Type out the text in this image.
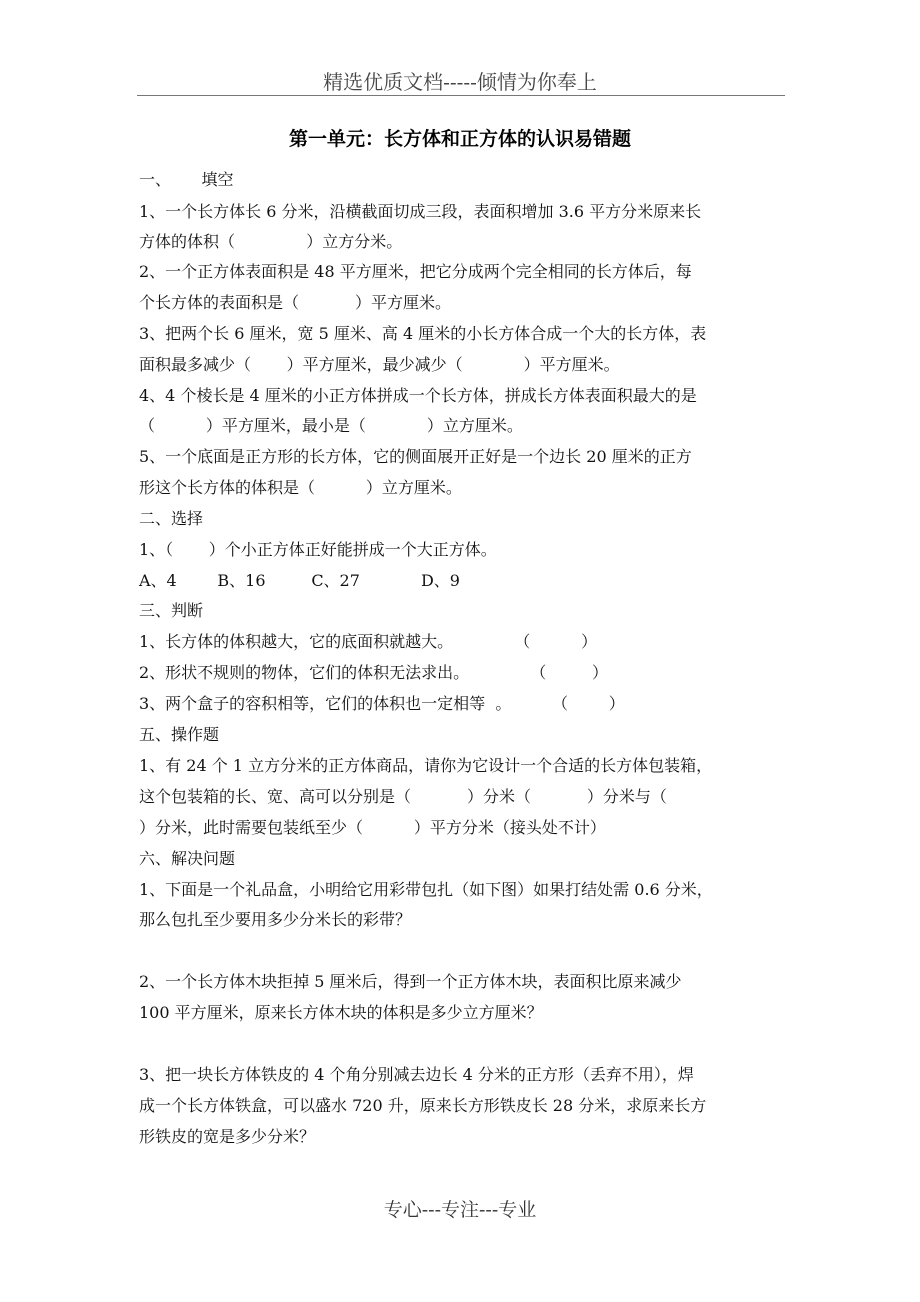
精选优质文档-----倾情为你奉上
第一单元：长方体和正方体的认识易错题
一、      填空
1、一个长方体长 6 分米，沿横截面切成三段，表面积增加 3.6 平方分米原来长
方体的体积（              ）立方分米。
2、一个正方体表面积是 48 平方厘米，把它分成两个完全相同的长方体后，每
个长方体的表面积是（           ）平方厘米。
3、把两个长 6 厘米，宽 5 厘米、高 4 厘米的小长方体合成一个大的长方体，表
面积最多减少（       ）平方厘米，最少减少（            ）平方厘米。
4、4 个棱长是 4 厘米的小正方体拼成一个长方体，拼成长方体表面积最大的是
（          ）平方厘米，最小是（            ）立方厘米。
5、一个底面是正方形的长方体，它的侧面展开正好是一个边长 20 厘米的正方
形这个长方体的体积是（          ）立方厘米。
二、选择
1、（       ）个小正方体正好能拼成一个大正方体。
A、4        B、16         C、27            D、9
三、判断
1、长方体的体积越大，它的底面积就越大。            （          ）
2、形状不规则的物体，它们的体积无法求出。            （         ）
3、两个盒子的容积相等，它们的体积也一定相等  。        （        ）
五、操作题
1、有 24 个 1 立方分米的正方体商品，请你为它设计一个合适的长方体包装箱，
这个包装箱的长、宽、高可以分别是（           ）分米（           ）分米与（
）分米，此时需要包装纸至少（          ）平方分米（接头处不计）
六、解决问题
1、下面是一个礼品盒，小明给它用彩带包扎（如下图）如果打结处需 0.6 分米，
那么包扎至少要用多少分米长的彩带？
2、一个长方体木块拒掉 5 厘米后，得到一个正方体木块，表面积比原来减少
100 平方厘米，原来长方体木块的体积是多少立方厘米？
3、把一块长方体铁皮的 4 个角分别减去边长 4 分米的正方形（丢弃不用），焊
成一个长方体铁盒，可以盛水 720 升，原来长方形铁皮长 28 分米，求原来长方
形铁皮的宽是多少分米？
专心---专注---专业
